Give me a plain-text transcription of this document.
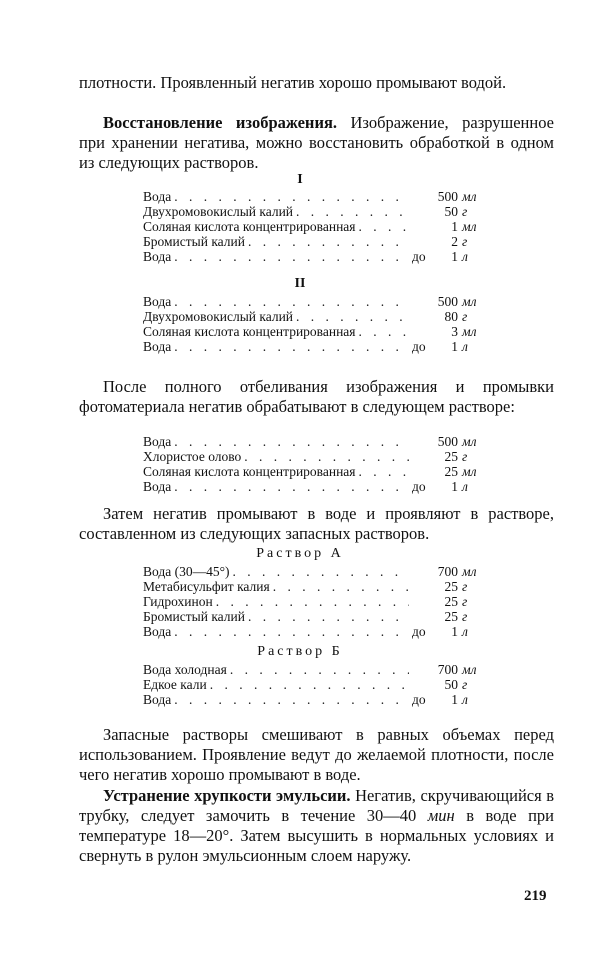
плотности. Проявленный негатив хорошо промывают водой.

Восстановление изображения. Изображение, разрушенное при хранении негатива, можно восстановить обработкой в одном из следующих растворов.

I
Вода . . .	500 мл
Двухромовокислый калий . . .	50 г
Соляная кислота концентрированная . . .	1 мл
Бромистый калий . . .	2 г
Вода . . .	до	1 л
II
Вода . . .	500 мл
Двухромовокислый калий . . .	80 г
Соляная кислота концентрированная . . .	3 мл
Вода . . .	до	1 л

После полного отбеливания изображения и промывки фотоматериала негатив обрабатывают в следующем растворе:

Вода . . .	500 мл
Хлористое олово . . .	25 г
Соляная кислота концентрированная . . .	25 мл
Вода . . .	до	1 л

Затем негатив промывают в воде и проявляют в растворе, составленном из следующих запасных растворов.

Раствор А
Вода (30—45°) . . .	700 мл
Метабисульфит калия . . .	25 г
Гидрохинон . . .	25 г
Бромистый калий . . .	25 г
Вода . . .	до	1 л
Раствор Б
Вода холодная . . .	700 мл
Едкое кали . . .	50 г
Вода . . .	до	1 л

Запасные растворы смешивают в равных объемах перед использованием. Проявление ведут до желаемой плотности, после чего негатив хорошо промывают в воде.

Устранение хрупкости эмульсии. Негатив, скручивающийся в трубку, следует замочить в течение 30—40 мин в воде при температуре 18—20°. Затем высушить в нормальных условиях и свернуть в рулон эмульсионным слоем наружу.

219
